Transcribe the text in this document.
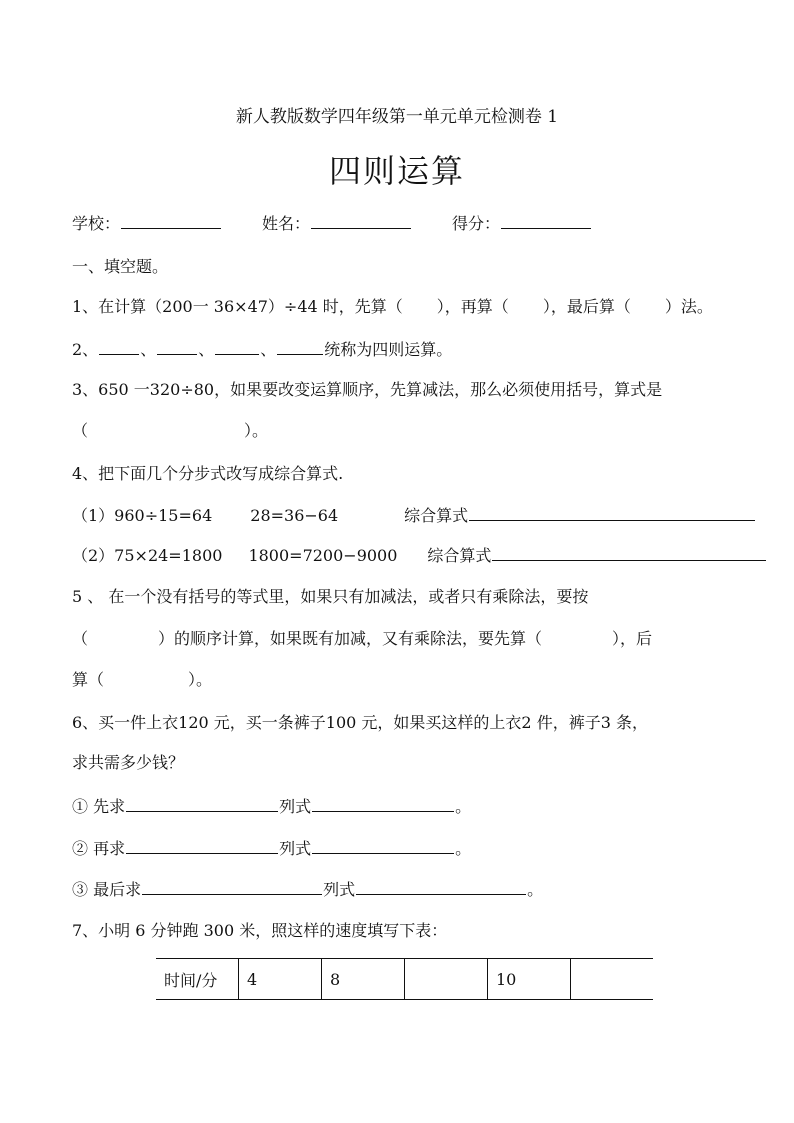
新人教版数学四年级第一单元单元检测卷 1
四则运算
学校：	姓名：	得分：
一、填空题。
1、在计算（200一 36×47）÷44 时，先算（ ），再算（ ），最后算（ ）法。
2、	、	、	、	统称为四则运算。
3、650 一320÷80，如果要改变运算顺序，先算减法，那么必须使用括号，算式是
（	）。
4、把下面几个分步式改写成综合算式.
（1）960÷15=64 28=36−64	综合算式
（2）75×24=1800 1800=7200−9000 综合算式
5 、 在一个没有括号的等式里，如果只有加减法，或者只有乘除法，要按
（	）的顺序计算，如果既有加减，又有乘除法，要先算（	），后
算（	）。
6、买一件上衣120 元，买一条裤子100 元，如果买这样的上衣2 件，裤子3 条，
求共需多少钱？
① 先求	列式	。
② 再求	列式	。
③ 最后求	列式	。
7、小明 6 分钟跑 300 米，照这样的速度填写下表：
时间/分	4	8		10	
